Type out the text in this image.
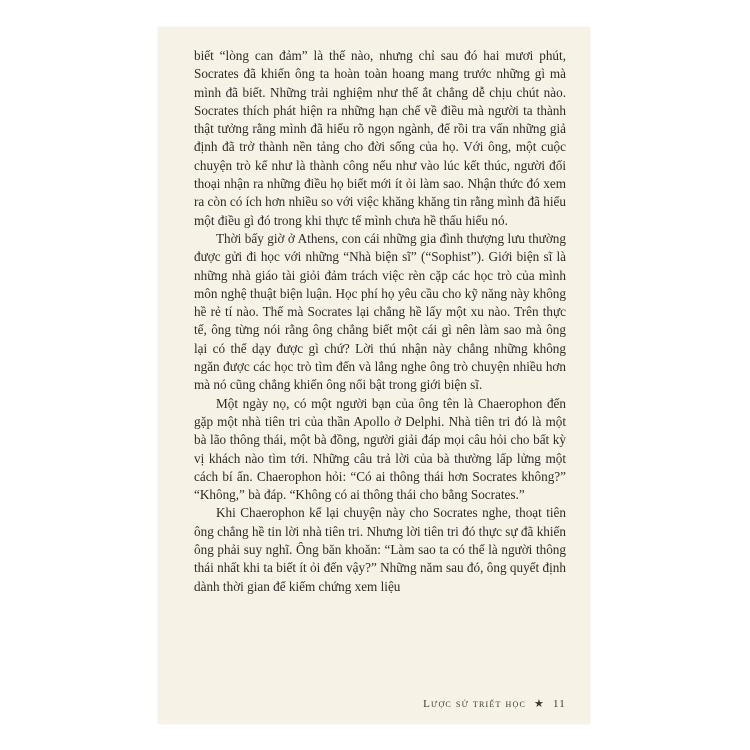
biết “lòng can đảm” là thế nào, nhưng chỉ sau đó hai mươi phút, Socrates đã khiến ông ta hoàn toàn hoang mang trước những gì mà mình đã biết. Những trải nghiệm như thế ắt chẳng dễ chịu chút nào. Socrates thích phát hiện ra những hạn chế về điều mà người ta thành thật tưởng rằng mình đã hiểu rõ ngọn ngành, để rồi tra vấn những giả định đã trở thành nền tảng cho đời sống của họ. Với ông, một cuộc chuyện trò kể như là thành công nếu như vào lúc kết thúc, người đối thoại nhận ra những điều họ biết mới ít ỏi làm sao. Nhận thức đó xem ra còn có ích hơn nhiều so với việc khăng khăng tin rằng mình đã hiểu một điều gì đó trong khi thực tế mình chưa hề thấu hiểu nó.

Thời bấy giờ ở Athens, con cái những gia đình thượng lưu thường được gửi đi học với những “Nhà biện sĩ” (“Sophist”). Giới biện sĩ là những nhà giáo tài giỏi đảm trách việc rèn cặp các học trò của mình môn nghệ thuật biện luận. Học phí họ yêu cầu cho kỹ năng này không hề rẻ tí nào. Thế mà Socrates lại chẳng hề lấy một xu nào. Trên thực tế, ông từng nói rằng ông chẳng biết một cái gì nên làm sao mà ông lại có thể dạy được gì chứ? Lời thú nhận này chẳng những không ngăn được các học trò tìm đến và lắng nghe ông trò chuyện nhiều hơn mà nó cũng chẳng khiến ông nổi bật trong giới biện sĩ.

Một ngày nọ, có một người bạn của ông tên là Chaerophon đến gặp một nhà tiên tri của thần Apollo ở Delphi. Nhà tiên tri đó là một bà lão thông thái, một bà đồng, người giải đáp mọi câu hỏi cho bất kỳ vị khách nào tìm tới. Những câu trả lời của bà thường lấp lửng một cách bí ẩn. Chaerophon hỏi: “Có ai thông thái hơn Socrates không?” “Không,” bà đáp. “Không có ai thông thái cho bằng Socrates.”

Khi Chaerophon kể lại chuyện này cho Socrates nghe, thoạt tiên ông chẳng hề tin lời nhà tiên tri. Nhưng lời tiên tri đó thực sự đã khiến ông phải suy nghĩ. Ông băn khoăn: “Làm sao ta có thể là người thông thái nhất khi ta biết ít ỏi đến vậy?” Những năm sau đó, ông quyết định dành thời gian để kiếm chứng xem liệu

Lược sử triết học ★ 11
